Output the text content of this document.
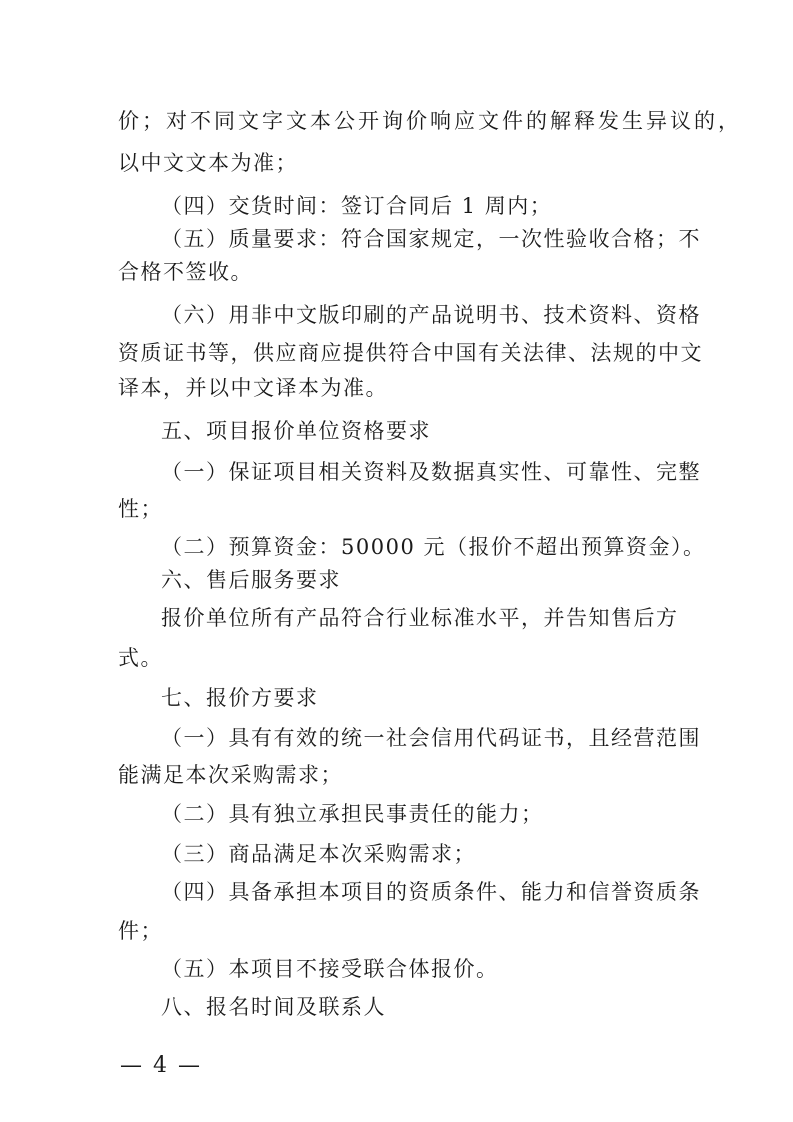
价；对不同文字文本公开询价响应文件的解释发生异议的，
以中文文本为准；
（四）交货时间：签订合同后 1 周内；
（五）质量要求：符合国家规定，一次性验收合格；不
合格不签收。
（六）用非中文版印刷的产品说明书、技术资料、资格
资质证书等，供应商应提供符合中国有关法律、法规的中文
译本，并以中文译本为准。
五、项目报价单位资格要求
（一）保证项目相关资料及数据真实性、可靠性、完整
性；
（二）预算资金：50000 元（报价不超出预算资金）。
六、售后服务要求
报价单位所有产品符合行业标准水平，并告知售后方
式。
七、报价方要求
（一）具有有效的统一社会信用代码证书，且经营范围
能满足本次采购需求；
（二）具有独立承担民事责任的能力；
（三）商品满足本次采购需求；
（四）具备承担本项目的资质条件、能力和信誉资质条
件；
（五）本项目不接受联合体报价。
八、报名时间及联系人
— 4 —
